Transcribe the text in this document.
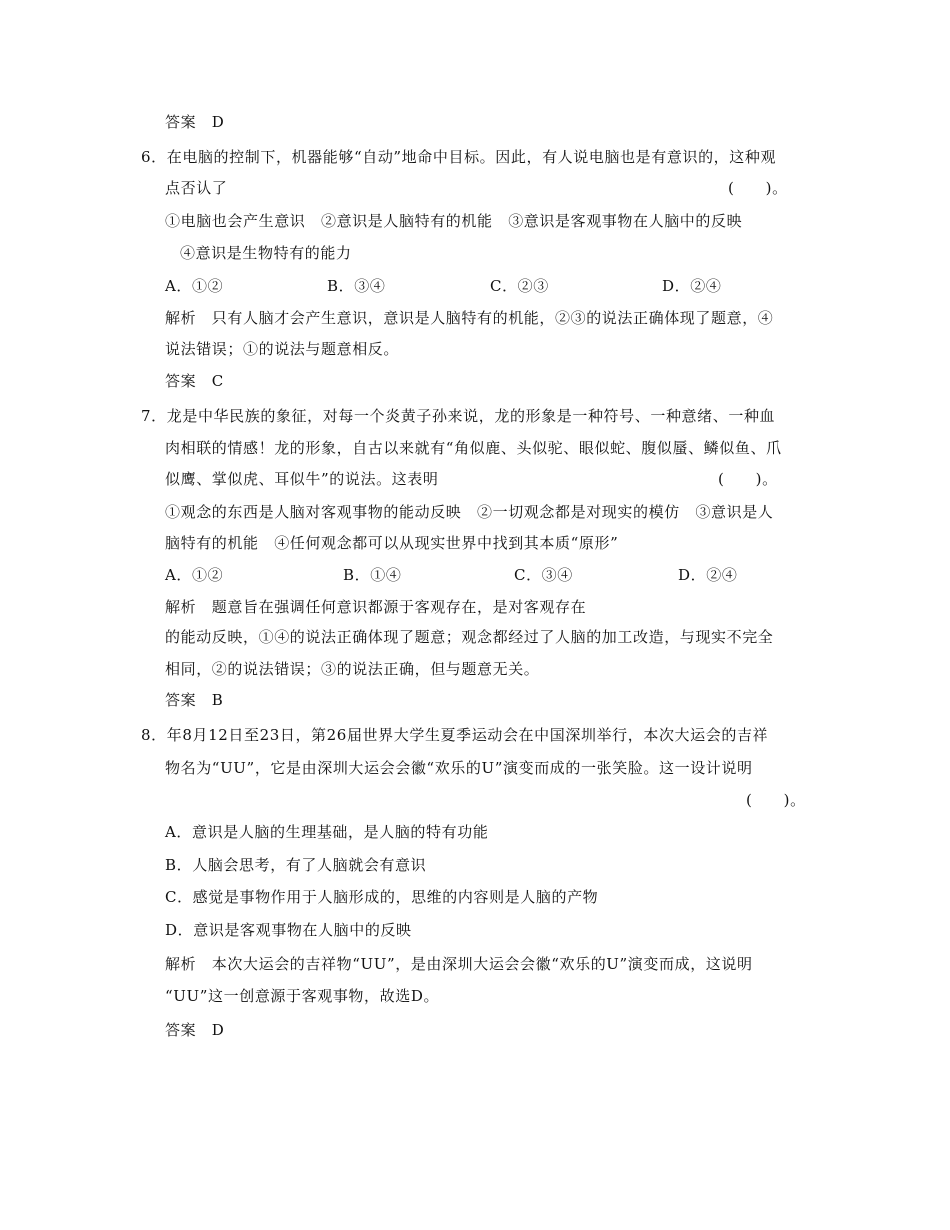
答案　D
6．在电脑的控制下，机器能够“自动”地命中目标。因此，有人说电脑也是有意识的，这种观
点否认了	(　　)。
①电脑也会产生意识　②意识是人脑特有的机能　③意识是客观事物在人脑中的反映
④意识是生物特有的能力
A．①②	B．③④	C．②③	D．②④
解析　只有人脑才会产生意识，意识是人脑特有的机能，②③的说法正确体现了题意，④
说法错误；①的说法与题意相反。
答案　C
7．龙是中华民族的象征，对每一个炎黄子孙来说，龙的形象是一种符号、一种意绪、一种血
肉相联的情感！龙的形象，自古以来就有“角似鹿、头似驼、眼似蛇、腹似蜃、鳞似鱼、爪
似鹰、掌似虎、耳似牛”的说法。这表明	(　　)。
①观念的东西是人脑对客观事物的能动反映　②一切观念都是对现实的模仿　③意识是人
脑特有的机能　④任何观念都可以从现实世界中找到其本质“原形”
A．①②	B．①④	C．③④	D．②④
解析　题意旨在强调任何意识都源于客观存在，是对客观存在
的能动反映，①④的说法正确体现了题意；观念都经过了人脑的加工改造，与现实不完全
相同，②的说法错误；③的说法正确，但与题意无关。
答案　B
8．年8月12日至23日，第26届世界大学生夏季运动会在中国深圳举行，本次大运会的吉祥
物名为“UU”，它是由深圳大运会会徽“欢乐的U”演变而成的一张笑脸。这一设计说明
(　　)。
A．意识是人脑的生理基础，是人脑的特有功能
B．人脑会思考，有了人脑就会有意识
C．感觉是事物作用于人脑形成的，思维的内容则是人脑的产物
D．意识是客观事物在人脑中的反映
解析　本次大运会的吉祥物“UU”，是由深圳大运会会徽“欢乐的U”演变而成，这说明
“UU”这一创意源于客观事物，故选D。
答案　D
